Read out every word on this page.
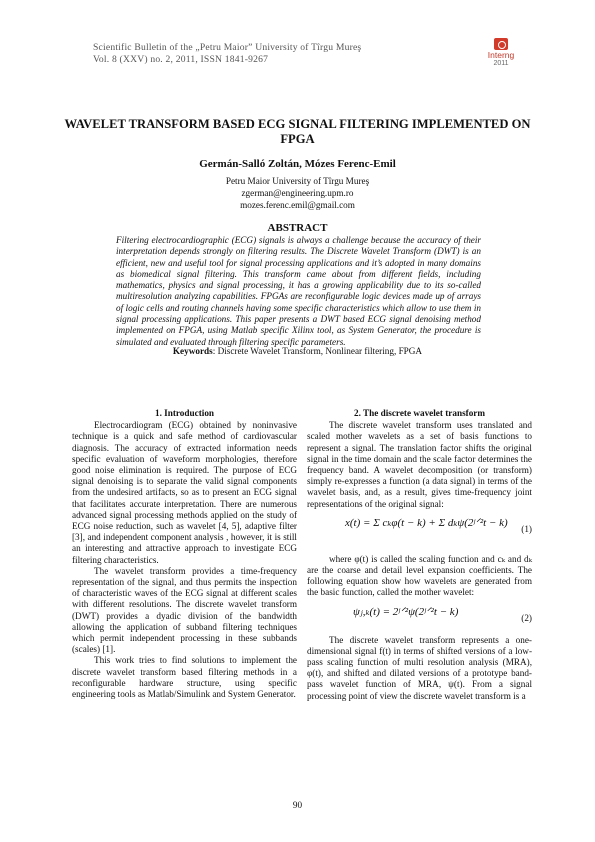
Scientific Bulletin of the „Petru Maior” University of Tîrgu Mureş
Vol. 8 (XXV) no. 2, 2011, ISSN 1841-9267	Interng
2011
WAVELET TRANSFORM BASED ECG SIGNAL FILTERING IMPLEMENTED ON FPGA
Germán-Salló Zoltán, Mózes Ferenc-Emil
Petru Maior University of Tîrgu Mureş
zgerman@engineering.upm.ro
mozes.ferenc.emil@gmail.com
ABSTRACT
Filtering electrocardiographic (ECG) signals is always a challenge because the accuracy of their interpretation depends strongly on filtering results. The Discrete Wavelet Transform (DWT) is an efficient, new and useful tool for signal processing applications and it’s adopted in many domains as biomedical signal filtering. This transform came about from different fields, including mathematics, physics and signal processing, it has a growing applicability due to its so-called multiresolution analyzing capabilities. FPGAs are reconfigurable logic devices made up of arrays of logic cells and routing channels having some specific characteristics which allow to use them in signal processing applications. This paper presents a DWT based ECG signal denoising method implemented on FPGA, using Matlab specific Xilinx tool, as System Generator, the procedure is simulated and evaluated through filtering specific parameters.
Keywords: Discrete Wavelet Transform, Nonlinear filtering, FPGA
1. Introduction

Electrocardiogram (ECG) obtained by noninvasive technique is a quick and safe method of cardiovascular diagnosis. The accuracy of extracted information needs specific evaluation of waveform morphologies, therefore good noise elimination is required. The purpose of ECG signal denoising is to separate the valid signal components from the undesired artifacts, so as to present an ECG signal that facilitates accurate interpretation. There are numerous advanced signal processing methods applied on the study of ECG noise reduction, such as wavelet [4, 5], adaptive filter [3], and independent component analysis , however, it is still an interesting and attractive approach to investigate ECG filtering characteristics.

The wavelet transform provides a time-frequency representation of the signal, and thus permits the inspection of characteristic waves of the ECG signal at different scales with different resolutions. The discrete wavelet transform (DWT) provides a dyadic division of the bandwidth allowing the application of subband filtering techniques which permit independent processing in these subbands (scales) [1].

This work tries to find solutions to implement the discrete wavelet transform based filtering methods in a reconfigurable hardware structure, using specific engineering tools as Matlab/Simulink and System Generator.

2. The discrete wavelet transform

The discrete wavelet transform uses translated and scaled mother wavelets as a set of basis functions to represent a signal. The translation factor shifts the original signal in the time domain and the scale factor determines the frequency band. A wavelet decomposition (or transform) simply re-expresses a function (a data signal) in terms of the wavelet basis, and, as a result, gives time-frequency joint representations of the original signal:

x(t) = Σ cₖφ(t − k) + Σ dₖψ(2ʲᐟ²t − k) (1)

where φ(t) is called the scaling function and cₖ and dₖ are the coarse and detail level expansion coefficients. The following equation show how wavelets are generated from the basic function, called the mother wavelet:

ψⱼ,ₖ(t) = 2ʲᐟ²ψ(2ʲᐟ²t − k)	(2)

The discrete wavelet transform represents a one-dimensional signal f(t) in terms of shifted versions of a low-pass scaling function of multi resolution analysis (MRA), φ(t), and shifted and dilated versions of a prototype band-pass wavelet function of MRA, ψ(t). From a signal processing point of view the discrete wavelet transform is a

90
